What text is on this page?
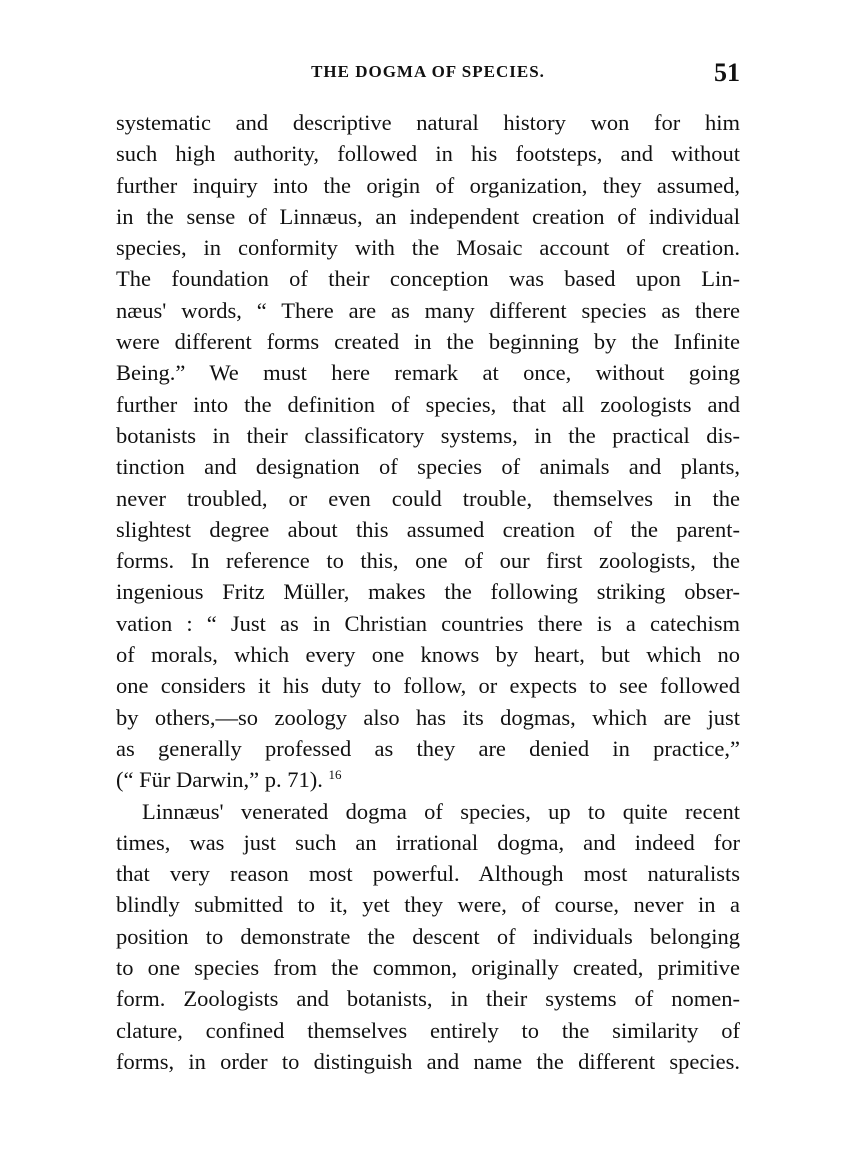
THE DOGMA OF SPECIES.	51
systematic and descriptive natural history won for him
such high authority, followed in his footsteps, and without
further inquiry into the origin of organization, they assumed,
in the sense of Linnæus, an independent creation of individual
species, in conformity with the Mosaic account of creation.
The foundation of their conception was based upon Lin-
næus' words, “ There are as many different species as there
were different forms created in the beginning by the Infinite
Being.” We must here remark at once, without going
further into the definition of species, that all zoologists and
botanists in their classificatory systems, in the practical dis-
tinction and designation of species of animals and plants,
never troubled, or even could trouble, themselves in the
slightest degree about this assumed creation of the parent-
forms. In reference to this, one of our first zoologists, the
ingenious Fritz Müller, makes the following striking obser-
vation : “ Just as in Christian countries there is a catechism
of morals, which every one knows by heart, but which no
one considers it his duty to follow, or expects to see followed
by others,—so zoology also has its dogmas, which are just
as generally professed as they are denied in practice,”
(“ Für Darwin,” p. 71). $^{16}$
Linnæus' venerated dogma of species, up to quite recent
times, was just such an irrational dogma, and indeed for
that very reason most powerful. Although most naturalists
blindly submitted to it, yet they were, of course, never in a
position to demonstrate the descent of individuals belonging
to one species from the common, originally created, primitive
form. Zoologists and botanists, in their systems of nomen-
clature, confined themselves entirely to the similarity of
forms, in order to distinguish and name the different species.
